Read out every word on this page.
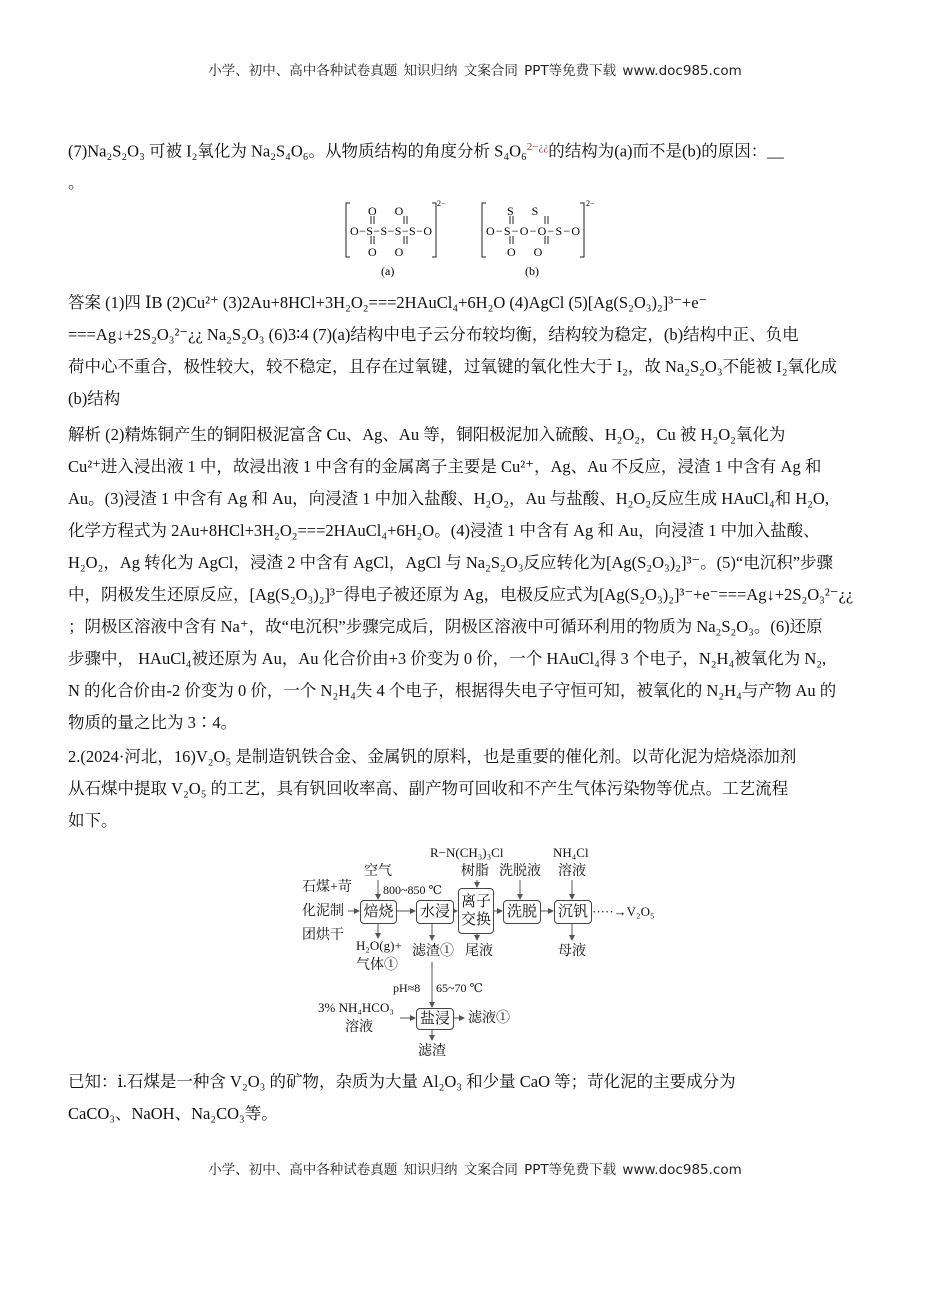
小学、初中、高中各种试卷真题 知识归纳 文案合同 PPT等免费下载 www.doc985.com
(7)Na₂S₂O₃ 可被 I₂氧化为 Na₂S₄O₆。从物质结构的角度分析 S₄O₆$^{2-¿¿}$的结构为(a)而不是(b)的原因：__
。
O      O
O−S−S−S−S−O
O      O
2−
(a)
S      S
O−S−O−O−S−O
O      O
2−
(b)
答案 (1)四 ⅠB (2)Cu²⁺ (3)2Au+8HCl+3H₂O₂===2HAuCl₄+6H₂O (4)AgCl (5)[Ag(S₂O₃)₂]³⁻+e⁻
===Ag↓+2S₂O₃²⁻¿¿ Na₂S₂O₃ (6)3∶4 (7)(a)结构中电子云分布较均衡，结构较为稳定，(b)结构中正、负电
荷中心不重合，极性较大，较不稳定，且存在过氧键，过氧键的氧化性大于 I₂，故 Na₂S₂O₃不能被 I₂氧化成
(b)结构
解析 (2)精炼铜产生的铜阳极泥富含 Cu、Ag、Au 等，铜阳极泥加入硫酸、H₂O₂，Cu 被 H₂O₂氧化为
Cu²⁺进入浸出液 1 中，故浸出液 1 中含有的金属离子主要是 Cu²⁺，Ag、Au 不反应，浸渣 1 中含有 Ag 和
Au。(3)浸渣 1 中含有 Ag 和 Au，向浸渣 1 中加入盐酸、H₂O₂，Au 与盐酸、H₂O₂反应生成 HAuCl₄和 H₂O,
化学方程式为 2Au+8HCl+3H₂O₂===2HAuCl₄+6H₂O。(4)浸渣 1 中含有 Ag 和 Au，向浸渣 1 中加入盐酸、
H₂O₂，Ag 转化为 AgCl，浸渣 2 中含有 AgCl，AgCl 与 Na₂S₂O₃反应转化为[Ag(S₂O₃)₂]³⁻。(5)“电沉积”步骤
中，阴极发生还原反应，[Ag(S₂O₃)₂]³⁻得电子被还原为 Ag，电极反应式为[Ag(S₂O₃)₂]³⁻+e⁻===Ag↓+2S₂O₃²⁻¿¿
；阴极区溶液中含有 Na⁺，故“电沉积”步骤完成后，阴极区溶液中可循环利用的物质为 Na₂S₂O₃。(6)还原
步骤中， HAuCl₄被还原为 Au，Au 化合价由+3 价变为 0 价，一个 HAuCl₄得 3 个电子，N₂H₄被氧化为 N₂,
N 的化合价由-2 价变为 0 价，一个 N₂H₄失 4 个电子，根据得失电子守恒可知，被氧化的 N₂H₄与产物 Au 的
物质的量之比为 3∶4。
2.(2024·河北，16)V₂O₅ 是制造钒铁合金、金属钒的原料，也是重要的催化剂。以苛化泥为焙烧添加剂
从石煤中提取 V₂O₅ 的工艺，具有钒回收率高、副产物可回收和不产生气体污染物等优点。工艺流程
如下。
石煤+苛
化泥制
团烘干
空气
800~850 ℃
R−N(CH₃)₃Cl
树脂 洗脱液
NH₄Cl
溶液
焙烧 水浸
离子交换 洗脱 沉钒 ·····→V₂O₅
H₂O(g)+
气体①
滤渣① 尾液	母液
pH≈8 65~70 ℃
3% NH₄HCO₃
溶液
盐浸 滤液①
滤渣
已知：ⅰ.石煤是一种含 V₂O₃ 的矿物，杂质为大量 Al₂O₃ 和少量 CaO 等；苛化泥的主要成分为
CaCO₃、NaOH、Na₂CO₃等。
小学、初中、高中各种试卷真题 知识归纳 文案合同 PPT等免费下载 www.doc985.com
